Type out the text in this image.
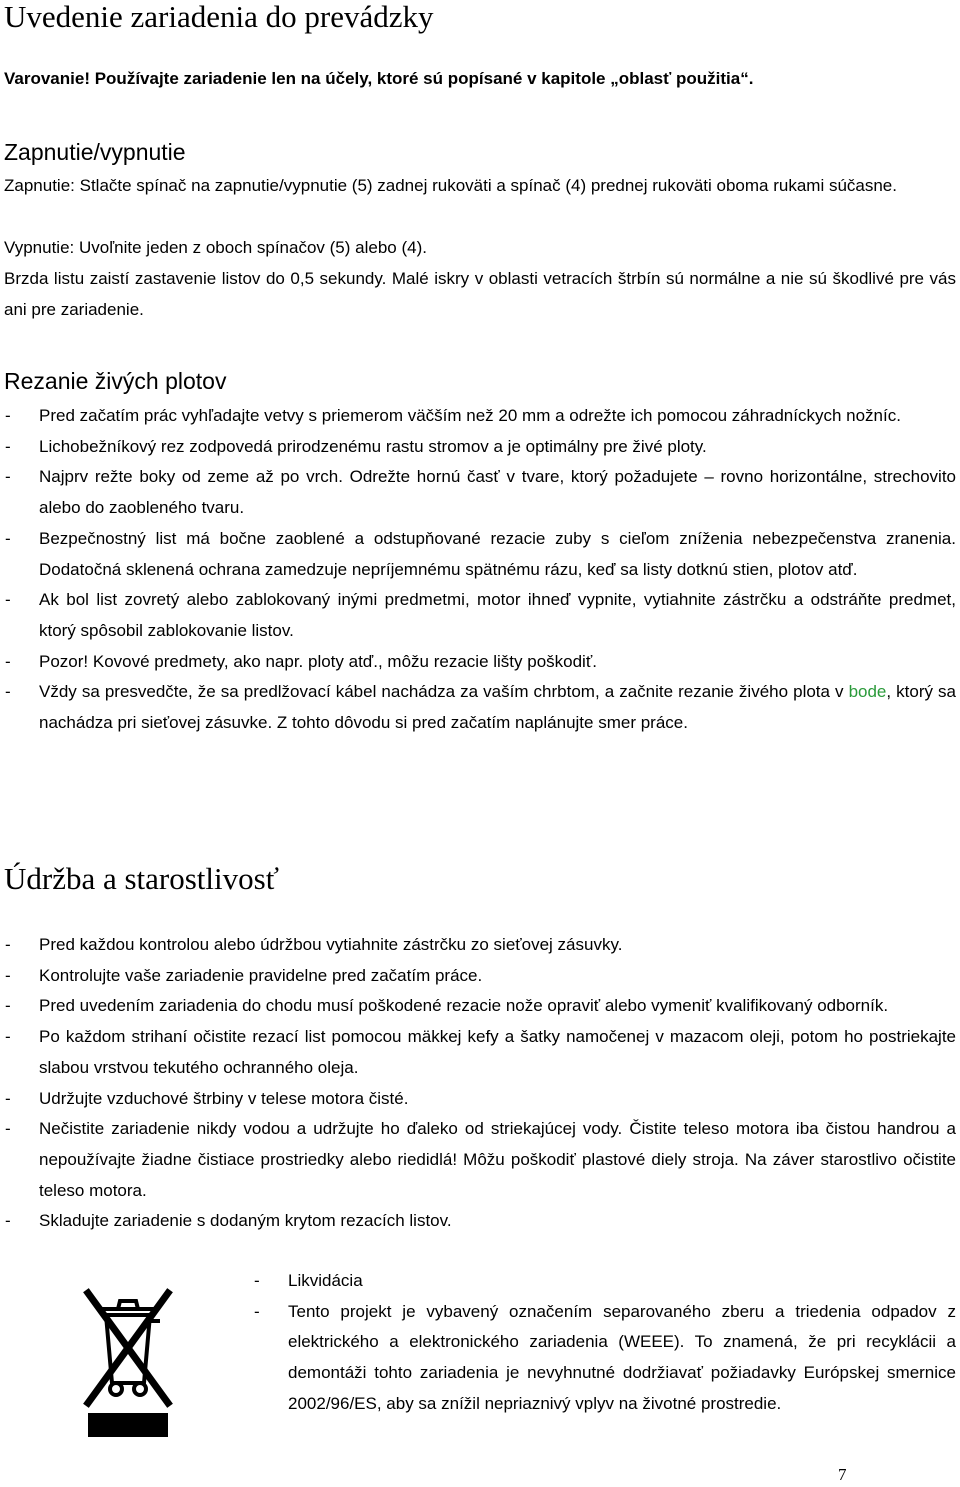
Uvedenie zariadenia do prevádzky
Varovanie! Používajte zariadenie len na účely, ktoré sú popísané v kapitole „oblasť použitia“.
Zapnutie/vypnutie

Zapnutie: Stlačte spínač na zapnutie/vypnutie (5) zadnej rukoväti a spínač (4) prednej rukoväti oboma rukami súčasne.

Vypnutie: Uvoľnite jeden z oboch spínačov (5) alebo (4).

Brzda listu zaistí zastavenie listov do 0,5 sekundy. Malé iskry v oblasti vetracích štrbín sú normálne a nie sú škodlivé pre vás ani pre zariadenie.

Rezanie živých plotov
- Pred začatím prác vyhľadajte vetvy s priemerom väčším než 20 mm a odrežte ich pomocou záhradníckych nožníc.
- Lichobežníkový rez zodpovedá prirodzenému rastu stromov a je optimálny pre živé ploty.
- Najprv režte boky od zeme až po vrch. Odrežte hornú časť v tvare, ktorý požadujete – rovno horizontálne, strechovito alebo do zaobleného tvaru.
- Bezpečnostný list má bočne zaoblené a odstupňované rezacie zuby s cieľom zníženia nebezpečenstva zranenia. Dodatočná sklenená ochrana zamedzuje nepríjemnému spätnému rázu, keď sa listy dotknú stien, plotov atď.
- Ak bol list zovretý alebo zablokovaný inými predmetmi, motor ihneď vypnite, vytiahnite zástrčku a odstráňte predmet, ktorý spôsobil zablokovanie listov.
- Pozor! Kovové predmety, ako napr. ploty atď., môžu rezacie lišty poškodiť.
- Vždy sa presvedčte, že sa predlžovací kábel nachádza za vaším chrbtom, a začnite rezanie živého plota v bode, ktorý sa nachádza pri sieťovej zásuvke. Z tohto dôvodu si pred začatím naplánujte smer práce.
Údržba a starostlivosť
- Pred každou kontrolou alebo údržbou vytiahnite zástrčku zo sieťovej zásuvky.
- Kontrolujte vaše zariadenie pravidelne pred začatím práce.
- Pred uvedením zariadenia do chodu musí poškodené rezacie nože opraviť alebo vymeniť kvalifikovaný odborník.
- Po každom strihaní očistite rezací list pomocou mäkkej kefy a šatky namočenej v mazacom oleji, potom ho postriekajte slabou vrstvou tekutého ochranného oleja.
- Udržujte vzduchové štrbiny v telese motora čisté.
- Nečistite zariadenie nikdy vodou a udržujte ho ďaleko od striekajúcej vody. Čistite teleso motora iba čistou handrou a nepoužívajte žiadne čistiace prostriedky alebo riedidlá! Môžu poškodiť plastové diely stroja. Na záver starostlivo očistite teleso motora.
- Skladujte zariadenie s dodaným krytom rezacích listov.
- Likvidácia
- Tento projekt je vybavený označením separovaného zberu a triedenia odpadov z elektrického a elektronického zariadenia (WEEE). To znamená, že pri recyklácii a demontáži tohto zariadenia je nevyhnutné dodržiavať požiadavky Európskej smernice 2002/96/ES, aby sa znížil nepriaznivý vplyv na životné prostredie.
7
